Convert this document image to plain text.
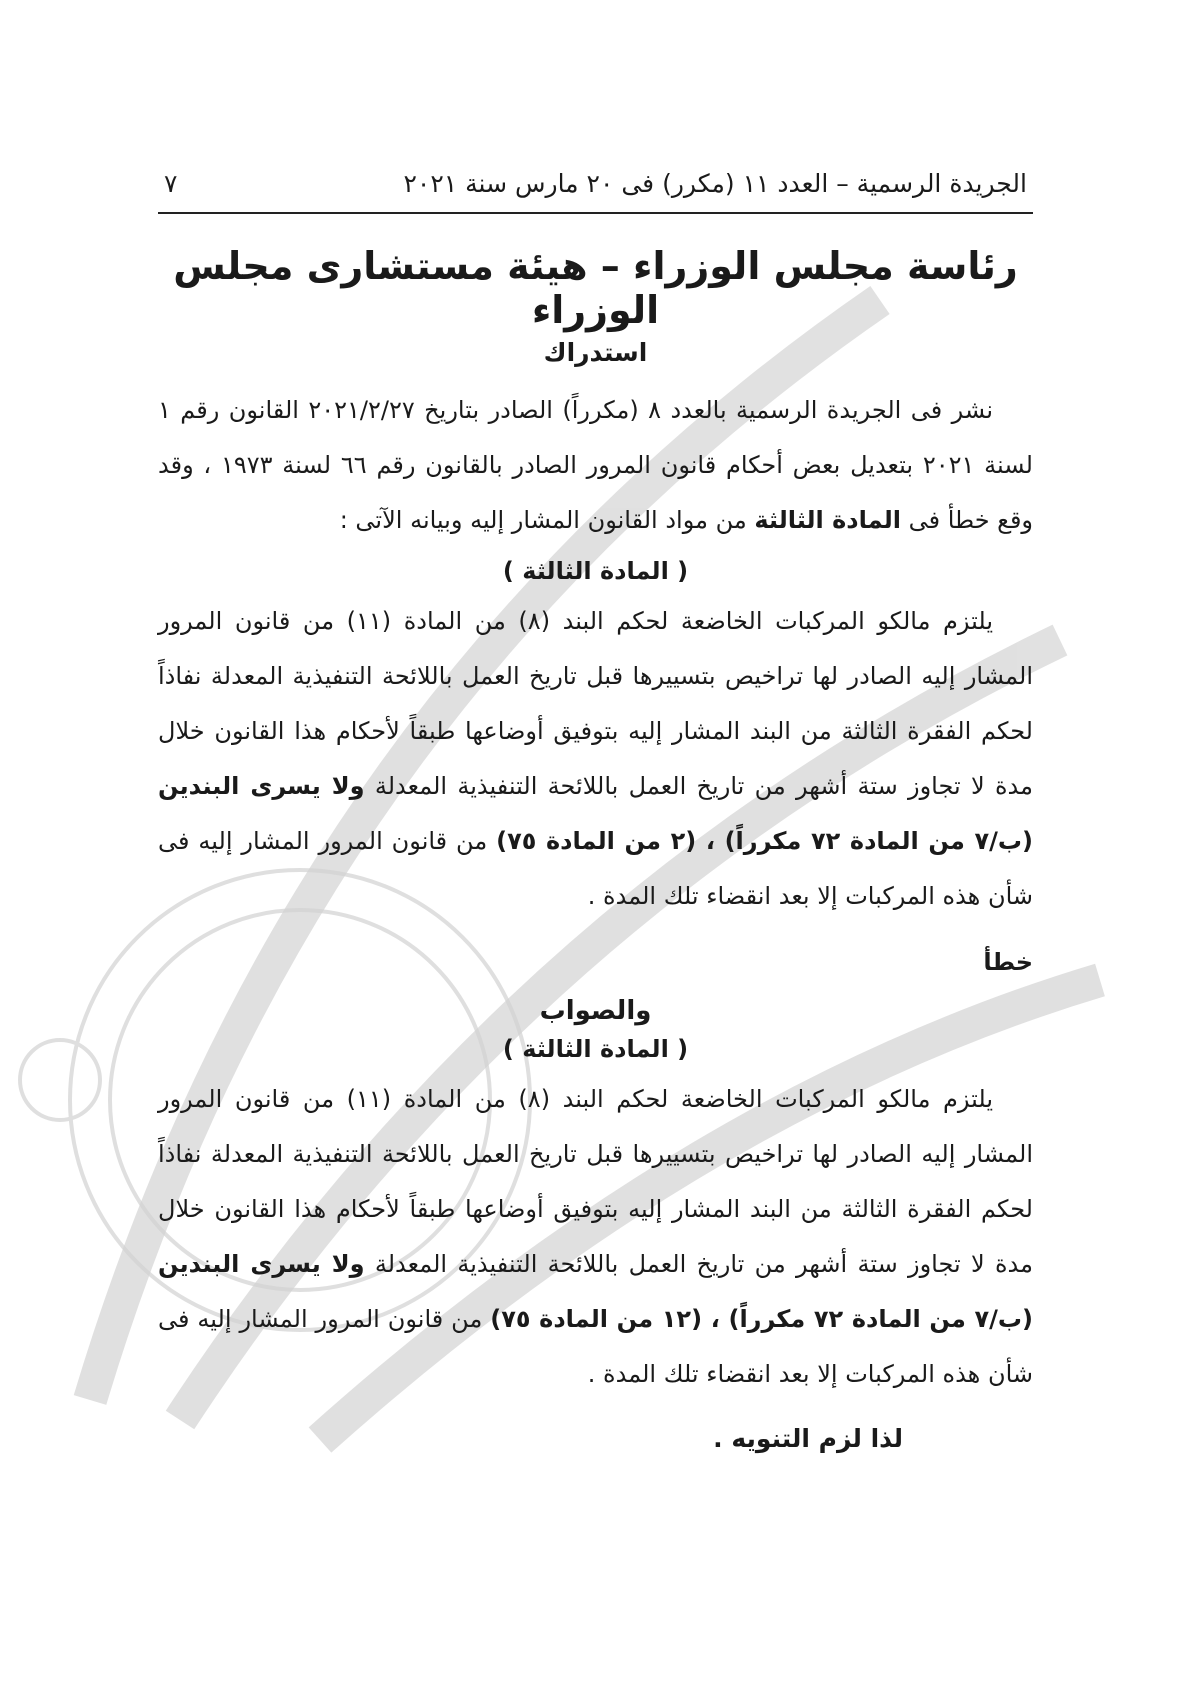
الجريدة الرسمية – العدد ١١ (مكرر) فى ٢٠ مارس سنة ٢٠٢١
٧
رئاسة مجلس الوزراء – هيئة مستشارى مجلس الوزراء
استدراك

نشر فى الجريدة الرسمية بالعدد ٨ (مكرراً) الصادر بتاريخ ٢٠٢١/٢/٢٧ القانون رقم ١ لسنة ٢٠٢١ بتعديل بعض أحكام قانون المرور الصادر بالقانون رقم ٦٦ لسنة ١٩٧٣ ، وقد وقع خطأ فى المادة الثالثة من مواد القانون المشار إليه وبيانه الآتى :

( المادة الثالثة )

يلتزم مالكو المركبات الخاضعة لحكم البند (٨) من المادة (١١) من قانون المرور المشار إليه الصادر لها تراخيص بتسييرها قبل تاريخ العمل باللائحة التنفيذية المعدلة نفاذاً لحكم الفقرة الثالثة من البند المشار إليه بتوفيق أوضاعها طبقاً لأحكام هذا القانون خلال مدة لا تجاوز ستة أشهر من تاريخ العمل باللائحة التنفيذية المعدلة ولا يسرى البندين (ب/٧ من المادة ٧٢ مكرراً) ، (٢ من المادة ٧٥) من قانون المرور المشار إليه فى شأن هذه المركبات إلا بعد انقضاء تلك المدة .

خطأ
والصواب
( المادة الثالثة )

يلتزم مالكو المركبات الخاضعة لحكم البند (٨) من المادة (١١) من قانون المرور المشار إليه الصادر لها تراخيص بتسييرها قبل تاريخ العمل باللائحة التنفيذية المعدلة نفاذاً لحكم الفقرة الثالثة من البند المشار إليه بتوفيق أوضاعها طبقاً لأحكام هذا القانون خلال مدة لا تجاوز ستة أشهر من تاريخ العمل باللائحة التنفيذية المعدلة ولا يسرى البندين (ب/٧ من المادة ٧٢ مكرراً) ، (١٢ من المادة ٧٥) من قانون المرور المشار إليه فى شأن هذه المركبات إلا بعد انقضاء تلك المدة .

لذا لزم التنويه .
